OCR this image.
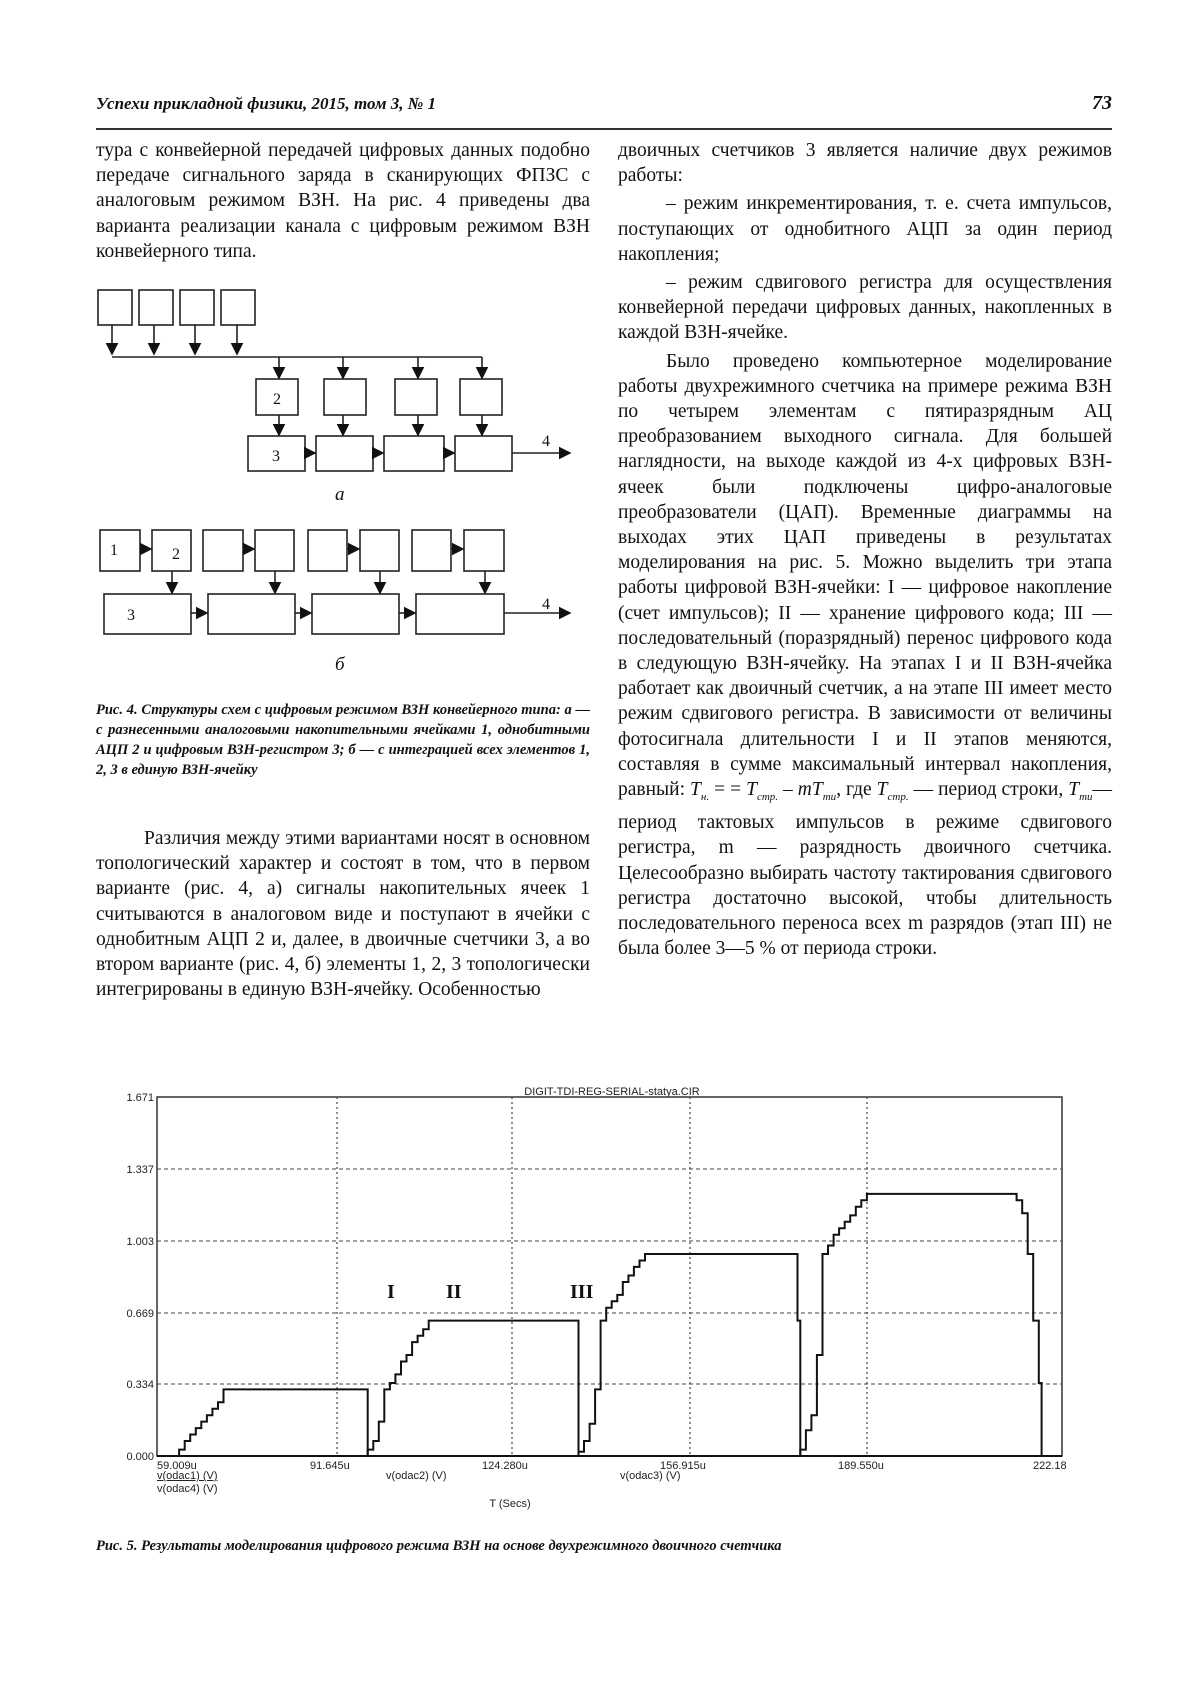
Успехи прикладной физики, 2015, том 3, № 1	73

тура с конвейерной передачей цифровых данных подобно передаче сигнального заряда в сканирующих ФПЗС с аналоговым режимом ВЗН. На рис. 4 приведены два варианта реализации канала с цифровым режимом ВЗН конвейерного типа.

2
3
4
а
1	2
3
4
б
Рис. 4. Структуры схем с цифровым режимом ВЗН конвейерного типа: а — с разнесенными аналоговыми накопительными ячейками 1, однобитными АЦП 2 и цифровым ВЗН-регистром 3; б — с интеграцией всех элементов 1, 2, 3 в единую ВЗН-ячейку

Различия между этими вариантами носят в основном топологический характер и состоят в том, что в первом варианте (рис. 4, а) сигналы накопительных ячеек 1 считываются в аналоговом виде и поступают в ячейки с однобитным АЦП 2 и, далее, в двоичные счетчики 3, а во втором варианте (рис. 4, б) элементы 1, 2, 3 топологически интегрированы в единую ВЗН-ячейку. Особенностью

двоичных счетчиков 3 является наличие двух режимов работы:

– режим инкрементирования, т. е. счета импульсов, поступающих от однобитного АЦП за один период накопления;

– режим сдвигового регистра для осуществления конвейерной передачи цифровых данных, накопленных в каждой ВЗН-ячейке.

Было проведено компьютерное моделирование работы двухрежимного счетчика на примере режима ВЗН по четырем элементам с пятиразрядным АЦ преобразованием выходного сигнала. Для большей наглядности, на выходе каждой из 4-х цифровых ВЗН-ячеек были подключены цифро-аналоговые преобразователи (ЦАП). Временные диаграммы на выходах этих ЦАП приведены в результатах моделирования на рис. 5. Можно выделить три этапа работы цифровой ВЗН-ячейки: I — цифровое накопление (счет импульсов); II — хранение цифрового кода; III — последовательный (поразрядный) перенос цифрового кода в следующую ВЗН-ячейку. На этапах I и II ВЗН-ячейка работает как двоичный счетчик, а на этапе III имеет место режим сдвигового регистра. В зависимости от величины фотосигнала длительности I и II этапов меняются, составляя в сумме максимальный интервал накопления, равный: $T_{н.}$ = = $T_{стр.} - mT_{ти}$, где $T_{стр.}$ — период строки, $T_{ти}—$ период тактовых импульсов в режиме сдвигового регистра, m — разрядность двоичного счетчика. Целесообразно выбирать частоту тактирования сдвигового регистра достаточно высокой, чтобы длительность последовательного переноса всех m разрядов (этап III) не была более 3—5 % от периода строки.

DIGIT-TDI-REG-SERIAL-statya.CIR
0.000
0.334
0.669
1.003
1.337
1.671
59.009u	91.645u	124.280u	156.915u	189.550u	222.18
I	II	III
T (Secs)
v(odac1) (V)
v(odac4) (V)
v(odac2) (V)	v(odac3) (V)
Рис. 5. Результаты моделирования цифрового режима ВЗН на основе двухрежимного двоичного счетчика
